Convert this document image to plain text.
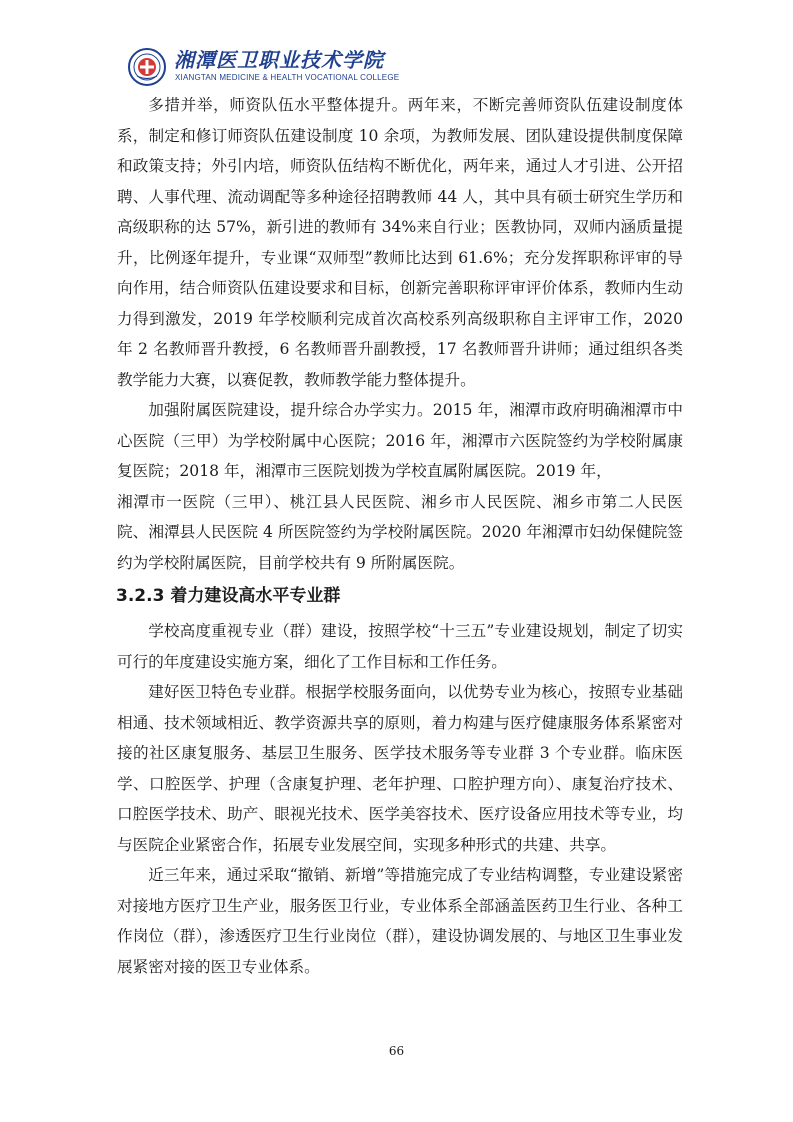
湘潭医卫职业技术学院
XIANGTAN MEDICINE & HEALTH VOCATIONAL COLLEGE

多措并举，师资队伍水平整体提升。两年来，不断完善师资队伍建设制度体系，制定和修订师资队伍建设制度 10 余项，为教师发展、团队建设提供制度保障和政策支持；外引内培，师资队伍结构不断优化，两年来，通过人才引进、公开招聘、人事代理、流动调配等多种途径招聘教师 44 人，其中具有硕士研究生学历和高级职称的达 57%，新引进的教师有 34%来自行业；医教协同，双师内涵质量提升，比例逐年提升，专业课“双师型”教师比达到 61.6%；充分发挥职称评审的导向作用，结合师资队伍建设要求和目标，创新完善职称评审评价体系，教师内生动力得到激发，2019 年学校顺利完成首次高校系列高级职称自主评审工作，2020 年 2 名教师晋升教授，6 名教师晋升副教授，17 名教师晋升讲师；通过组织各类教学能力大赛，以赛促教，教师教学能力整体提升。

加强附属医院建设，提升综合办学实力。2015 年，湘潭市政府明确湘潭市中心医院（三甲）为学校附属中心医院；2016 年，湘潭市六医院签约为学校附属康复医院；2018 年，湘潭市三医院划拨为学校直属附属医院。2019 年，

湘潭市一医院（三甲）、桃江县人民医院、湘乡市人民医院、湘乡市第二人民医院、湘潭县人民医院 4 所医院签约为学校附属医院。2020 年湘潭市妇幼保健院签约为学校附属医院，目前学校共有 9 所附属医院。

3.2.3 着力建设高水平专业群

学校高度重视专业（群）建设，按照学校“十三五”专业建设规划，制定了切实可行的年度建设实施方案，细化了工作目标和工作任务。

建好医卫特色专业群。根据学校服务面向，以优势专业为核心，按照专业基础相通、技术领域相近、教学资源共享的原则，着力构建与医疗健康服务体系紧密对接的社区康复服务、基层卫生服务、医学技术服务等专业群 3 个专业群。临床医学、口腔医学、护理（含康复护理、老年护理、口腔护理方向）、康复治疗技术、口腔医学技术、助产、眼视光技术、医学美容技术、医疗设备应用技术等专业，均与医院企业紧密合作，拓展专业发展空间，实现多种形式的共建、共享。

近三年来，通过采取“撤销、新增”等措施完成了专业结构调整，专业建设紧密对接地方医疗卫生产业，服务医卫行业，专业体系全部涵盖医药卫生行业、各种工作岗位（群），渗透医疗卫生行业岗位（群），建设协调发展的、与地区卫生事业发展紧密对接的医卫专业体系。

66
